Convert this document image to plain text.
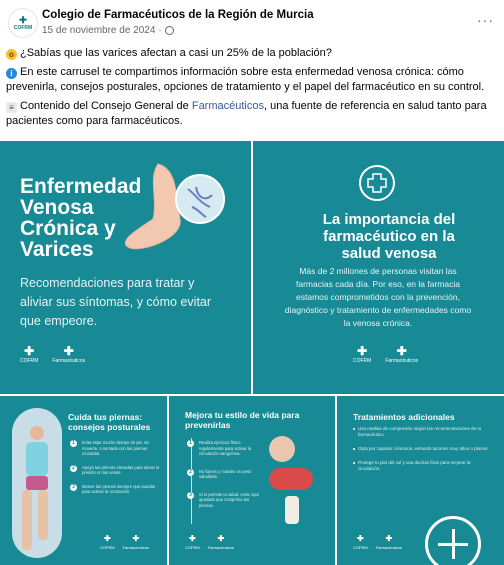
✚
COFRM
Colegio de Farmacéuticos de la Región de Murcia
15 de noviembre de 2024 ·
···

o ¿Sabías que las varices afectan a casi un 25% de la población?

i En este carrusel te compartimos información sobre esta enfermedad venosa crónica: cómo prevenirla, consejos posturales, opciones de tratamiento y el papel del farmacéutico en su control.

≡ Contenido del Consejo General de Farmacéuticos, una fuente de referencia en salud tanto para pacientes como para farmacéuticos.

Enfermedad Venosa Crónica y Varices
Recomendaciones para tratar y aliviar sus síntomas, y cómo evitar que empeore.
✚
COFRM
✚
Farmacéuticos
La importancia del farmacéutico en la salud venosa
Más de 2 millones de personas visitan las farmacias cada día. Por eso, en la farmacia estamos comprometidos con la prevención, diagnóstico y tratamiento de enfermedades como la venosa crónica.
✚
COFRM
✚
Farmacéuticos
Cuida tus piernas: consejos posturales
1	Evita estar mucho tiempo de pie, sin moverte, o sentada con las piernas cruzadas.
2	Apoya las piernas elevadas para aliviar la presión en las venas.
3	Mueve las piernas siempre que puedas para activar la circulación.
✚
COFRM
✚
Farmacéuticos
Mejora tu estilo de vida para prevenirlas
1	Realiza ejercicio físico regularmente para activar la circulación sanguínea.
2	No fumes y mantén un peso saludable.
3	Si lo permite tu salud, evita ropa ajustada que comprima las piernas.
✚
COFRM
✚
Farmacéuticos
Tratamientos adicionales
Usa medias de compresión según las recomendaciones de tu farmacéutico.
Opta por zapatos cómodos, evitando tacones muy altos o planos.
Protege tu piel del sol y usa duchas frías para mejorar la circulación.
✚
COFRM
✚
Farmacéuticos
